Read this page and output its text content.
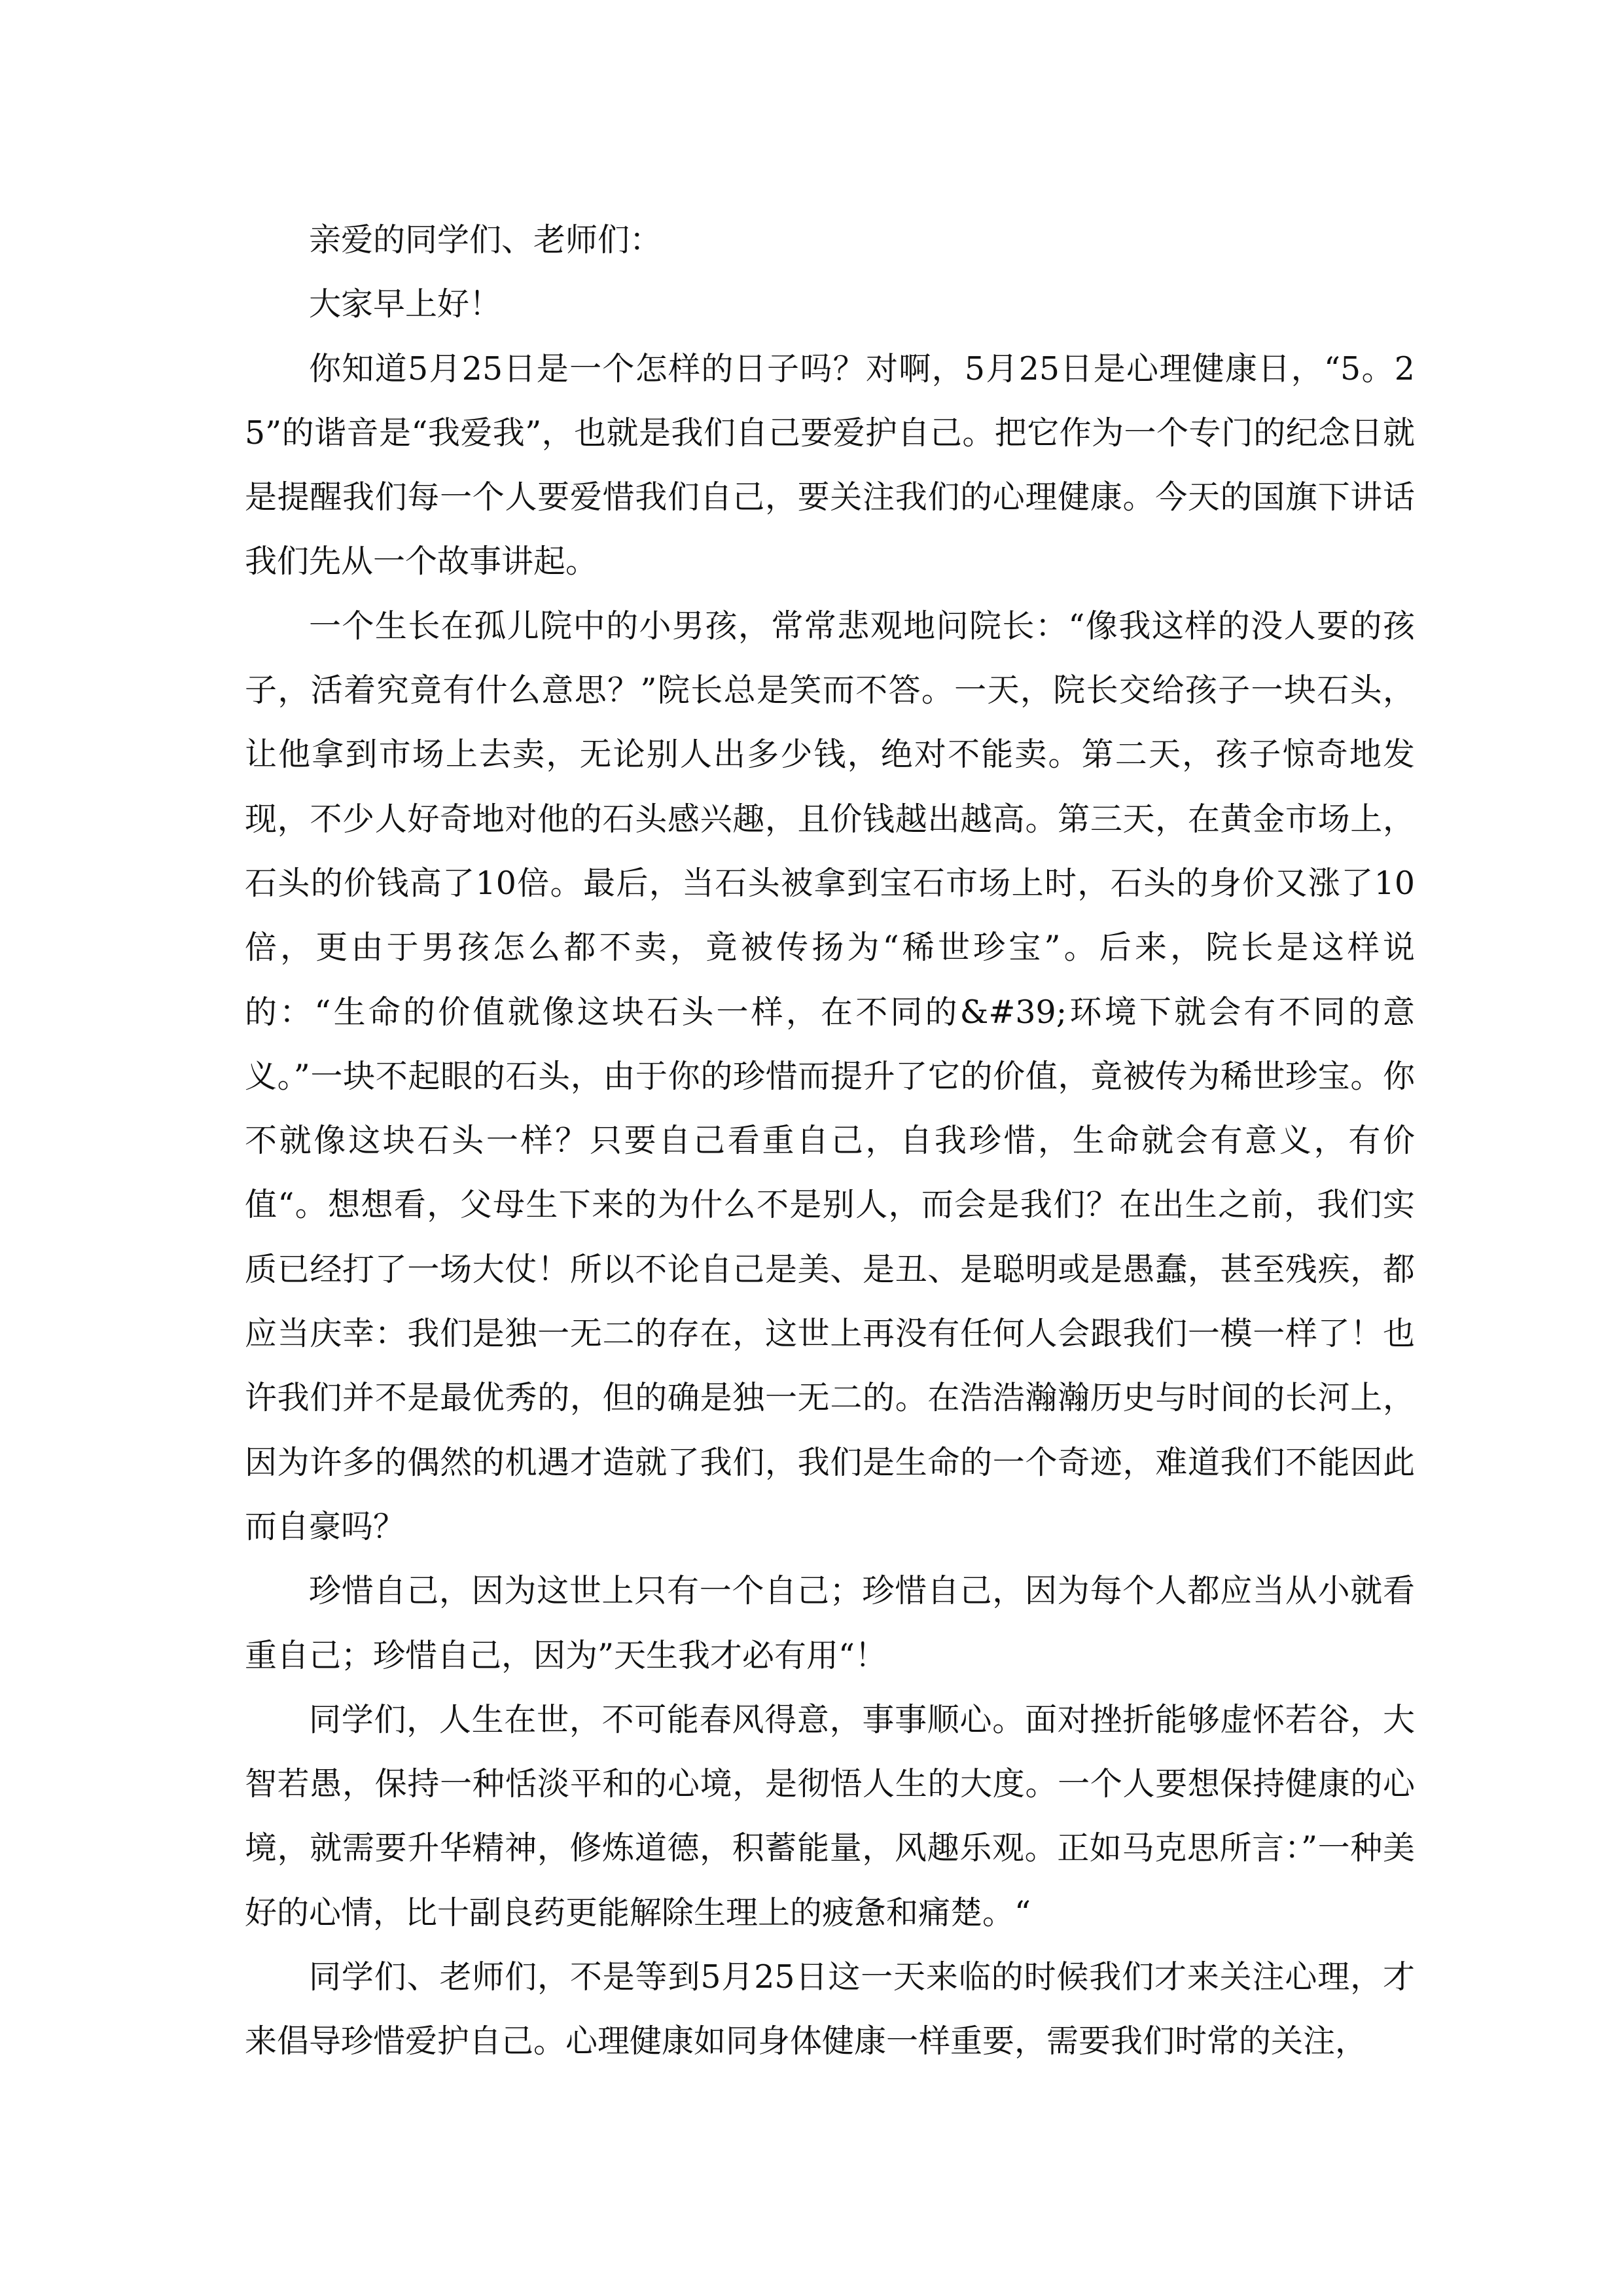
亲爱的同学们、老师们：

大家早上好！

你知道5月25日是一个怎样的日子吗？对啊，5月25日是心理健康日，“5。25”的谐音是“我爱我”，也就是我们自己要爱护自己。把它作为一个专门的纪念日就是提醒我们每一个人要爱惜我们自己，要关注我们的心理健康。今天的国旗下讲话我们先从一个故事讲起。

一个生长在孤儿院中的小男孩，常常悲观地问院长：“像我这样的没人要的孩子，活着究竟有什么意思？”院长总是笑而不答。一天，院长交给孩子一块石头，让他拿到市场上去卖，无论别人出多少钱，绝对不能卖。第二天，孩子惊奇地发现，不少人好奇地对他的石头感兴趣，且价钱越出越高。第三天，在黄金市场上，石头的价钱高了10倍。最后，当石头被拿到宝石市场上时，石头的身价又涨了10倍，更由于男孩怎么都不卖，竟被传扬为“稀世珍宝”。后来，院长是这样说的：“生命的价值就像这块石头一样，在不同的&#39;环境下就会有不同的意义。”一块不起眼的石头，由于你的珍惜而提升了它的价值，竟被传为稀世珍宝。你不就像这块石头一样？只要自己看重自己，自我珍惜，生命就会有意义，有价值“。想想看，父母生下来的为什么不是别人，而会是我们？在出生之前，我们实质已经打了一场大仗！所以不论自己是美、是丑、是聪明或是愚蠢，甚至残疾，都应当庆幸：我们是独一无二的存在，这世上再没有任何人会跟我们一模一样了！也许我们并不是最优秀的，但的确是独一无二的。在浩浩瀚瀚历史与时间的长河上，因为许多的偶然的机遇才造就了我们，我们是生命的一个奇迹，难道我们不能因此而自豪吗？

珍惜自己，因为这世上只有一个自己；珍惜自己，因为每个人都应当从小就看重自己；珍惜自己，因为”天生我才必有用“！

同学们，人生在世，不可能春风得意，事事顺心。面对挫折能够虚怀若谷，大智若愚，保持一种恬淡平和的心境，是彻悟人生的大度。一个人要想保持健康的心境，就需要升华精神，修炼道德，积蓄能量，风趣乐观。正如马克思所言：”一种美好的心情，比十副良药更能解除生理上的疲惫和痛楚。“

同学们、老师们，不是等到5月25日这一天来临的时候我们才来关注心理，才来倡导珍惜爱护自己。心理健康如同身体健康一样重要，需要我们时常的关注，
